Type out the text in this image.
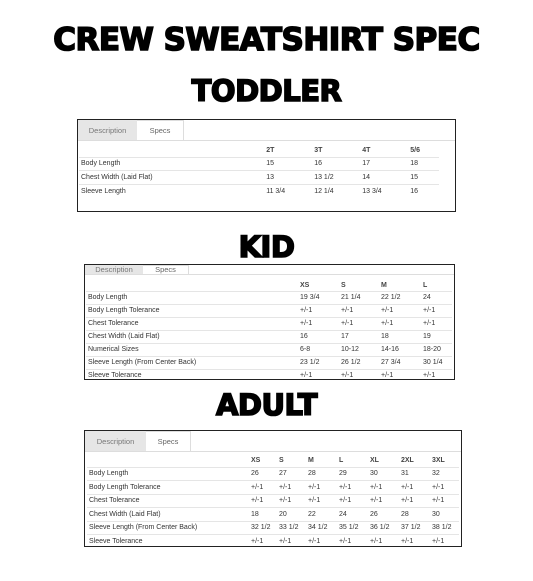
CREW SWEATSHIRT SPEC
TODDLER
Description	Specs
	2T	3T	4T	5/6
Body Length	15	16	17	18
Chest Width (Laid Flat)	13	13 1/2	14	15
Sleeve Length	11 3/4	12 1/4	13 3/4	16
Description	Specs
	XS	S	M	L
Body Length	19 3/4	21 1/4	22 1/2	24
Body Length Tolerance	+/-1	+/-1	+/-1	+/-1
Chest Tolerance	+/-1	+/-1	+/-1	+/-1
Chest Width (Laid Flat)	16	17	18	19
Numerical Sizes	6-8	10-12	14-16	18-20
Sleeve Length (From Center Back)	23 1/2	26 1/2	27 3/4	30 1/4
Sleeve Tolerance	+/-1	+/-1	+/-1	+/-1
KID
ADULT
Description	Specs
	XS	S	M	L	XL	2XL	3XL
Body Length	26	27	28	29	30	31	32
Body Length Tolerance	+/-1	+/-1	+/-1	+/-1	+/-1	+/-1	+/-1
Chest Tolerance	+/-1	+/-1	+/-1	+/-1	+/-1	+/-1	+/-1
Chest Width (Laid Flat)	18	20	22	24	26	28	30
Sleeve Length (From Center Back)	32 1/2	33 1/2	34 1/2	35 1/2	36 1/2	37 1/2	38 1/2
Sleeve Tolerance	+/-1	+/-1	+/-1	+/-1	+/-1	+/-1	+/-1
